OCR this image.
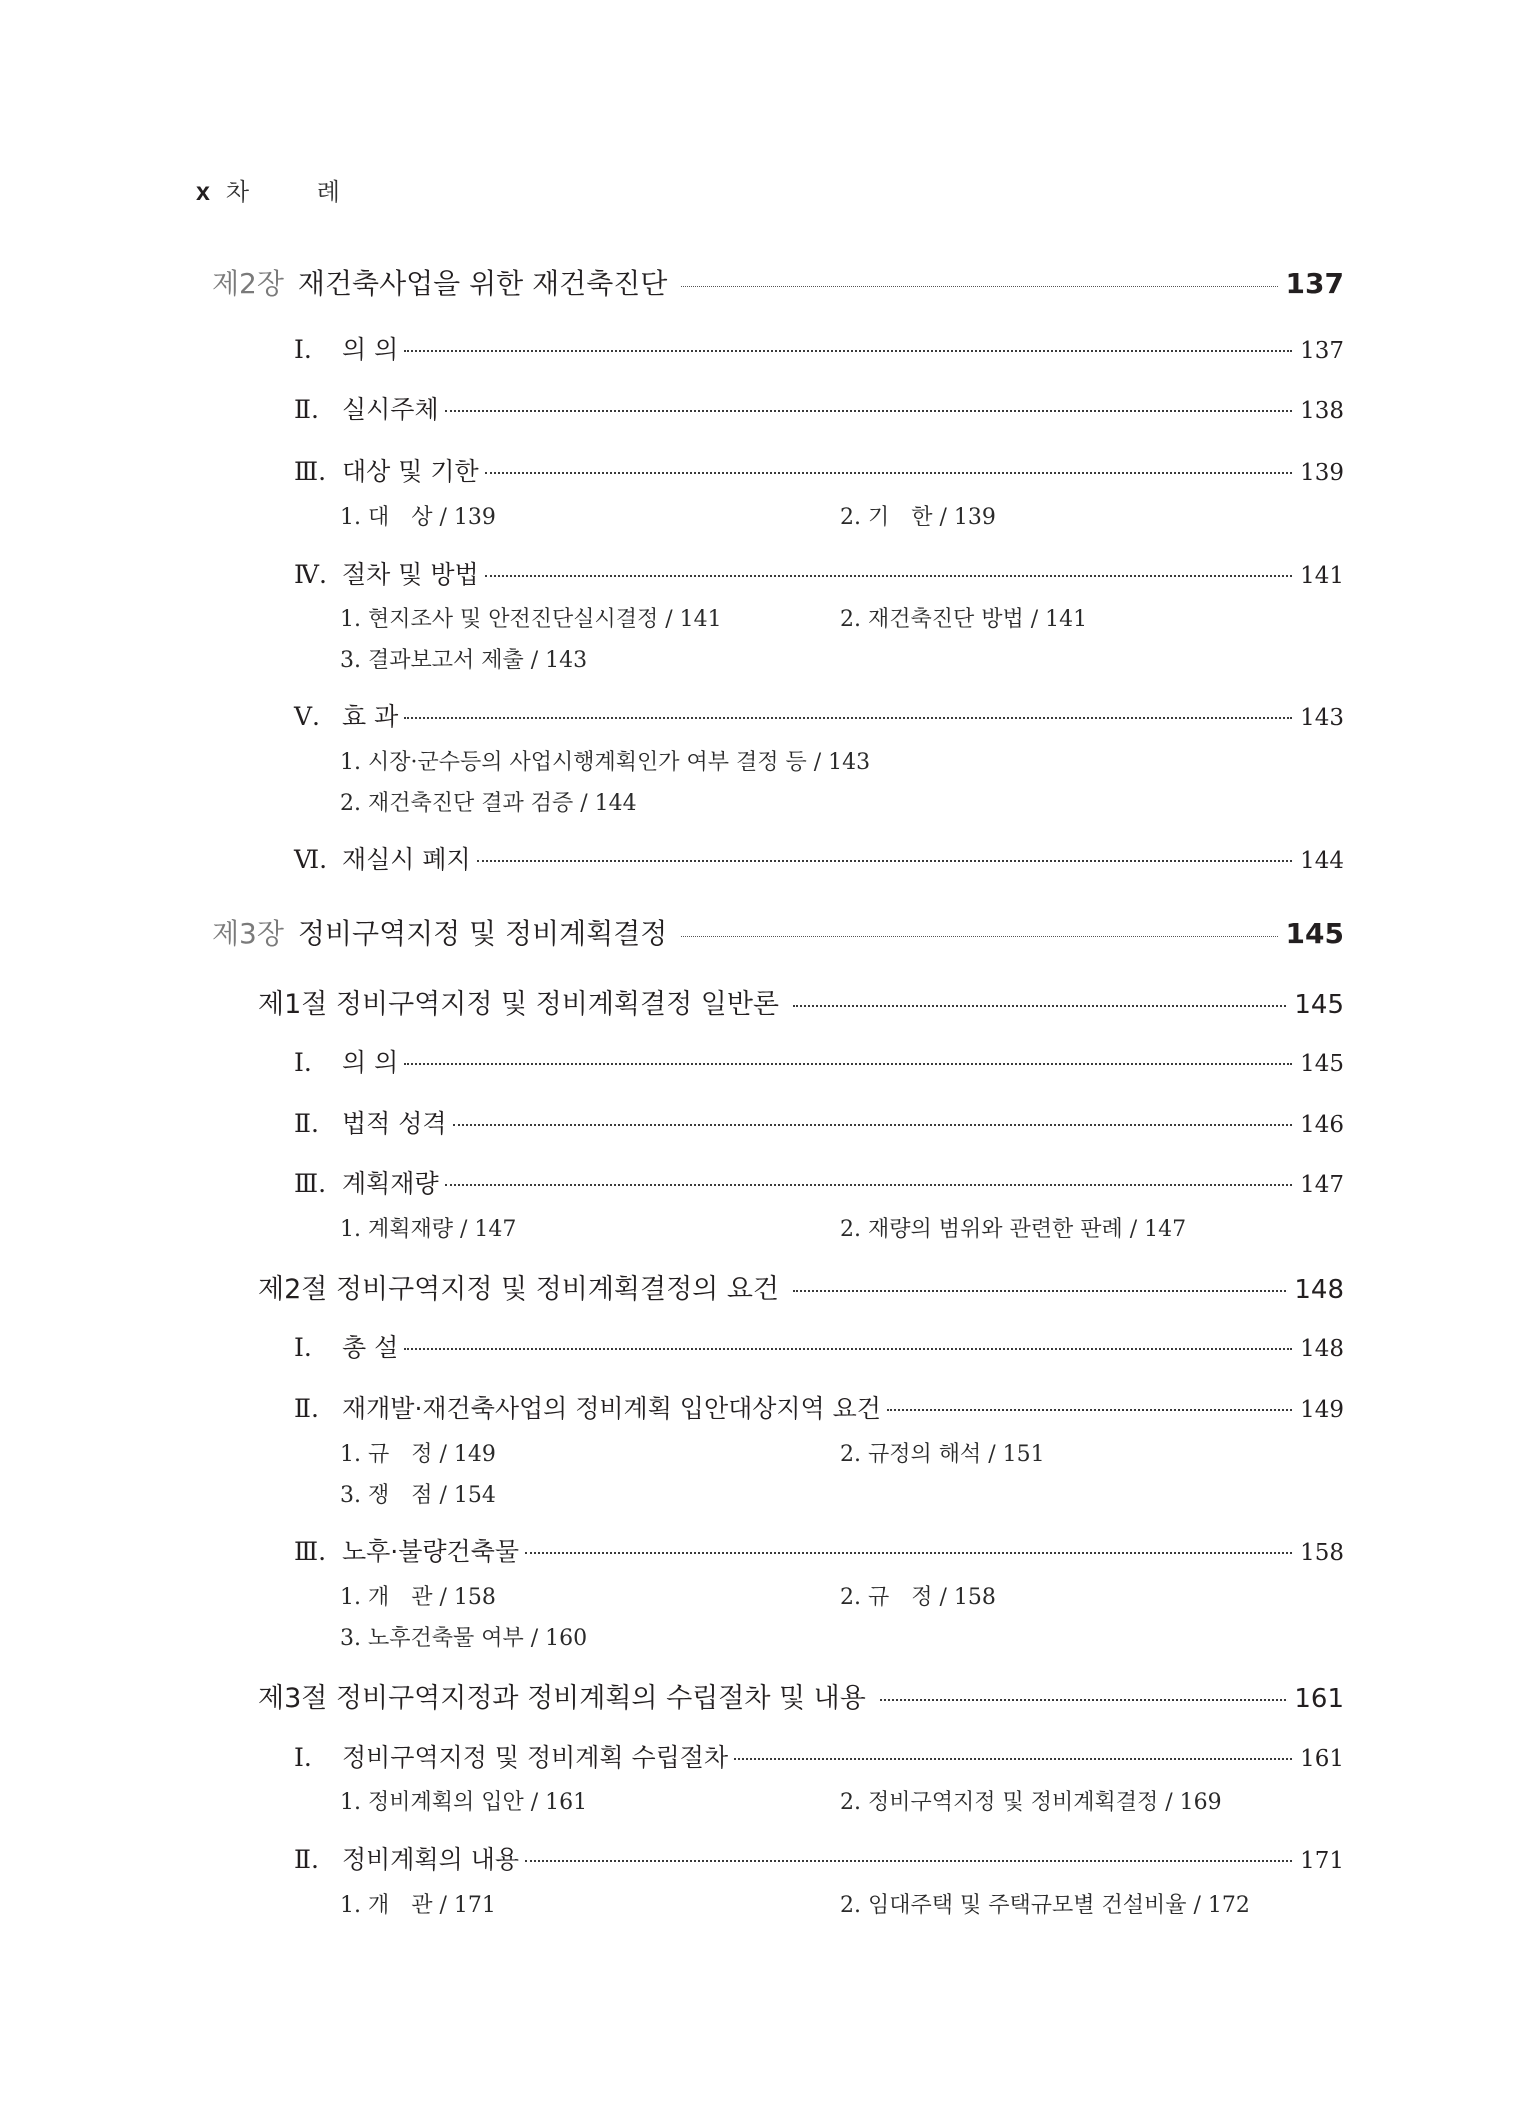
x 차 례
제2장 재건축사업을 위한 재건축진단	137
Ⅰ. 의 의	137
Ⅱ. 실시주체	138
Ⅲ. 대상 및 기한	139
1. 대　상 / 139	2. 기　한 / 139
Ⅳ. 절차 및 방법	141
1. 현지조사 및 안전진단실시결정 / 141	2. 재건축진단 방법 / 141
3. 결과보고서 제출 / 143
Ⅴ. 효 과	143
1. 시장·군수등의 사업시행계획인가 여부 결정 등 / 143
2. 재건축진단 결과 검증 / 144
Ⅵ. 재실시 폐지	144
제3장 정비구역지정 및 정비계획결정	145
제1절 정비구역지정 및 정비계획결정 일반론	145
Ⅰ. 의 의	145
Ⅱ. 법적 성격	146
Ⅲ. 계획재량	147
1. 계획재량 / 147	2. 재량의 범위와 관련한 판례 / 147
제2절 정비구역지정 및 정비계획결정의 요건	148
Ⅰ. 총 설	148
Ⅱ. 재개발·재건축사업의 정비계획 입안대상지역 요건	149
1. 규　정 / 149	2. 규정의 해석 / 151
3. 쟁　점 / 154
Ⅲ. 노후·불량건축물	158
1. 개　관 / 158	2. 규　정 / 158
3. 노후건축물 여부 / 160
제3절 정비구역지정과 정비계획의 수립절차 및 내용	161
Ⅰ. 정비구역지정 및 정비계획 수립절차	161
1. 정비계획의 입안 / 161	2. 정비구역지정 및 정비계획결정 / 169
Ⅱ. 정비계획의 내용	171
1. 개　관 / 171	2. 임대주택 및 주택규모별 건설비율 / 172
